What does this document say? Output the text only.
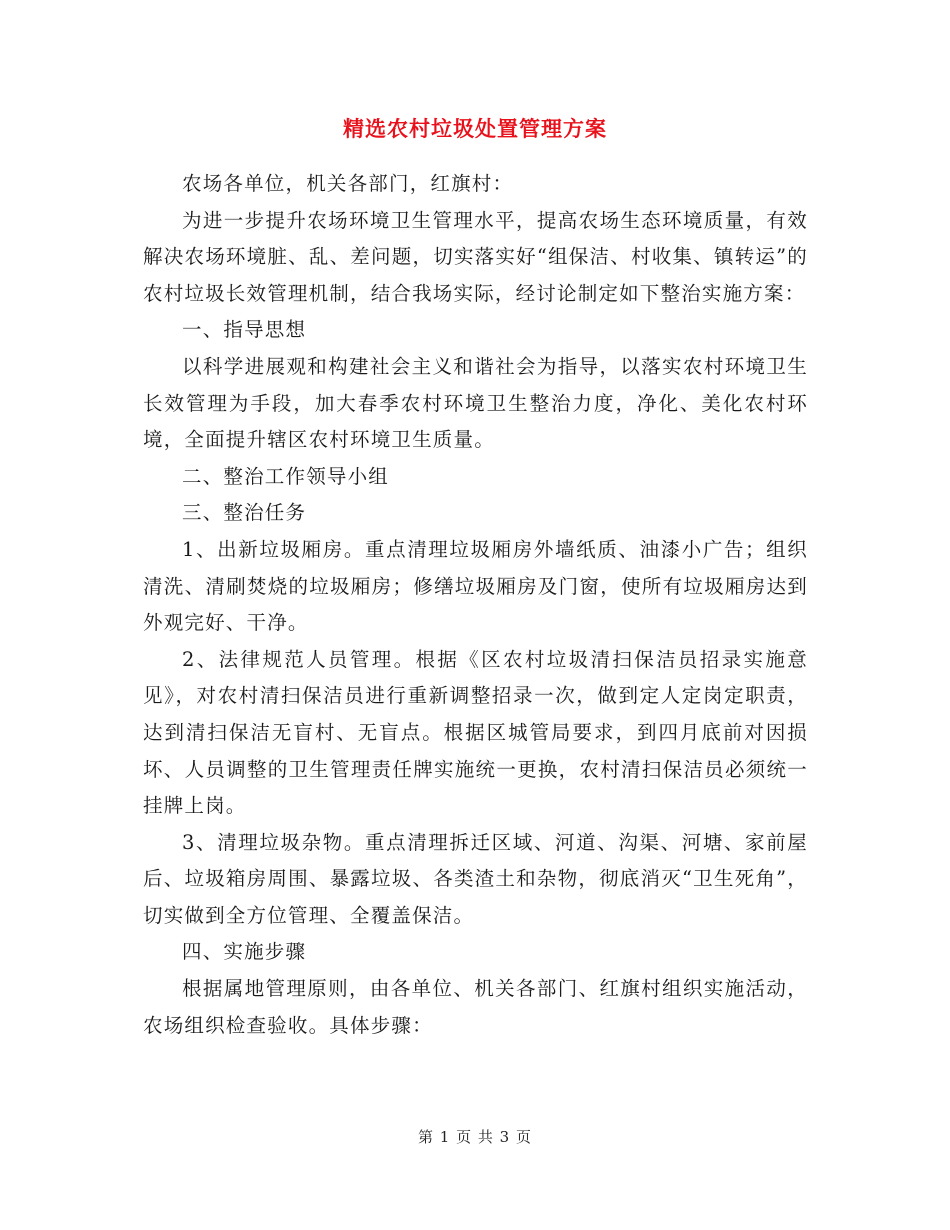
精选农村垃圾处置管理方案

农场各单位，机关各部门，红旗村：

为进一步提升农场环境卫生管理水平，提高农场生态环境质量，有效解决农场环境脏、乱、差问题，切实落实好“组保洁、村收集、镇转运”的农村垃圾长效管理机制，结合我场实际，经讨论制定如下整治实施方案：

一、指导思想

以科学进展观和构建社会主义和谐社会为指导，以落实农村环境卫生长效管理为手段，加大春季农村环境卫生整治力度，净化、美化农村环境，全面提升辖区农村环境卫生质量。

二、整治工作领导小组

三、整治任务

1、出新垃圾厢房。重点清理垃圾厢房外墙纸质、油漆小广告；组织清洗、清刷焚烧的垃圾厢房；修缮垃圾厢房及门窗，使所有垃圾厢房达到外观完好、干净。

2、法律规范人员管理。根据《区农村垃圾清扫保洁员招录实施意见》，对农村清扫保洁员进行重新调整招录一次，做到定人定岗定职责，达到清扫保洁无盲村、无盲点。根据区城管局要求，到四月底前对因损坏、人员调整的卫生管理责任牌实施统一更换，农村清扫保洁员必须统一挂牌上岗。

3、清理垃圾杂物。重点清理拆迁区域、河道、沟渠、河塘、家前屋后、垃圾箱房周围、暴露垃圾、各类渣土和杂物，彻底消灭“卫生死角”，切实做到全方位管理、全覆盖保洁。

四、实施步骤

根据属地管理原则，由各单位、机关各部门、红旗村组织实施活动，农场组织检查验收。具体步骤：

第 1 页 共 3 页
